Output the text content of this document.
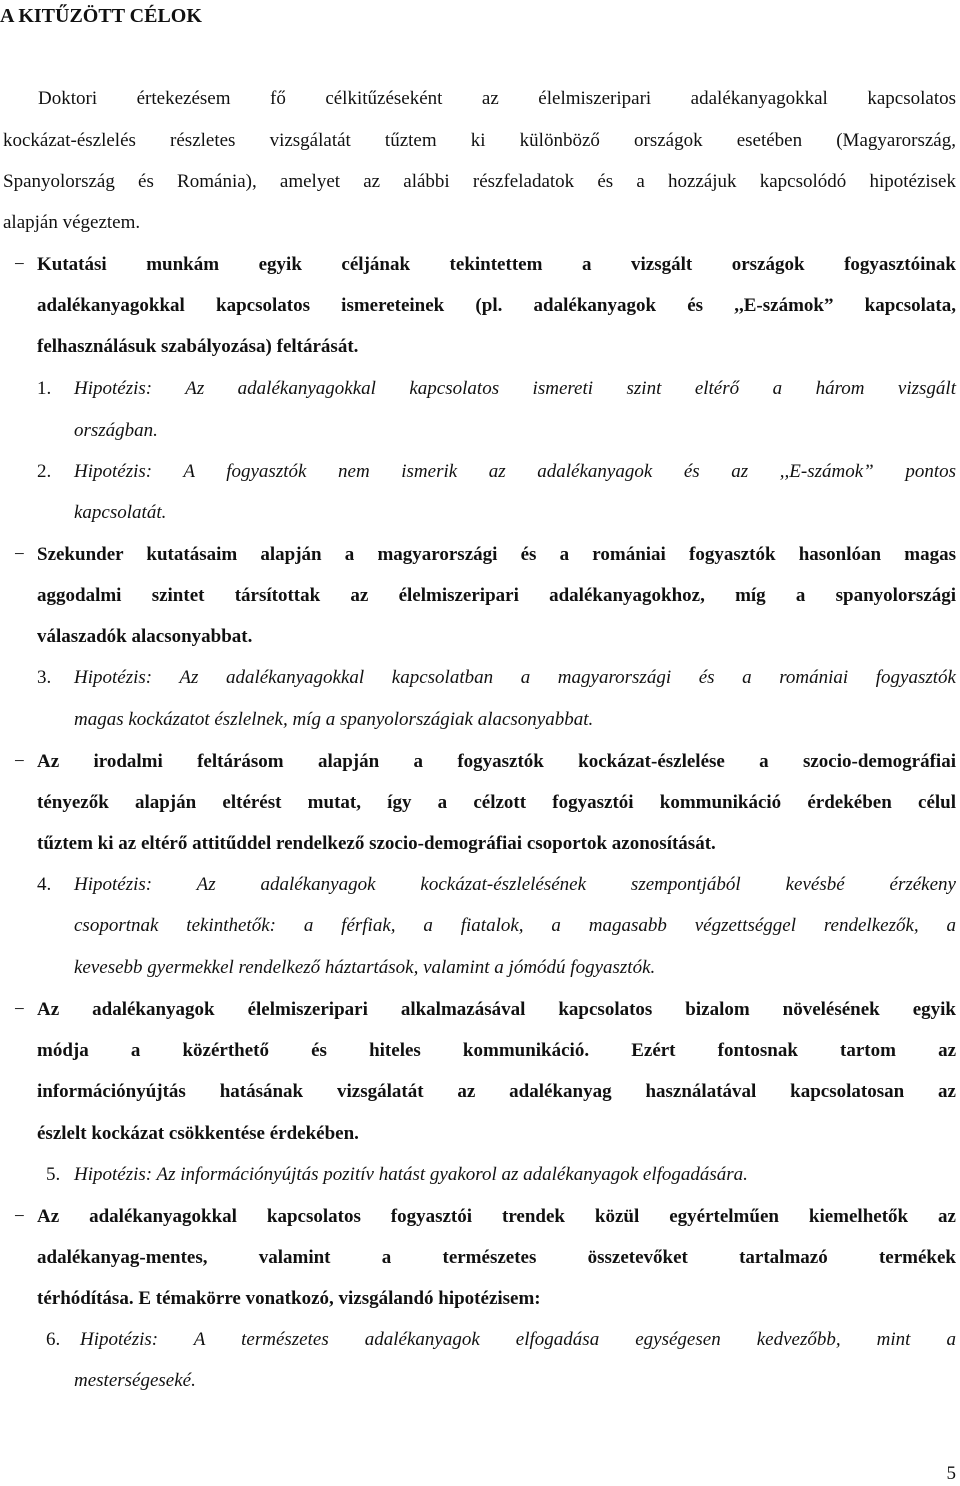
A KITŰZÖTT CÉLOK
Doktori értekezésem fő célkitűzéseként az élelmiszeripari adalékanyagokkal kapcsolatos
kockázat-észlelés részletes vizsgálatát tűztem ki különböző országok esetében (Magyarország,
Spanyolország és Románia), amelyet az alábbi részfeladatok és a hozzájuk kapcsolódó hipotézisek
alapján végeztem.
− Kutatási munkám egyik céljának tekintettem a vizsgált országok fogyasztóinak
adalékanyagokkal kapcsolatos ismereteinek (pl. adalékanyagok és ,,E-számok” kapcsolata,
felhasználásuk szabályozása) feltárását.
1. Hipotézis: Az adalékanyagokkal kapcsolatos ismereti szint eltérő a három vizsgált
országban.
2. Hipotézis: A fogyasztók nem ismerik az adalékanyagok és az ,,E-számok” pontos
kapcsolatát.
− Szekunder kutatásaim alapján a magyarországi és a romániai fogyasztók hasonlóan magas
aggodalmi szintet társítottak az élelmiszeripari adalékanyagokhoz, míg a spanyolországi
válaszadók alacsonyabbat.
3. Hipotézis: Az adalékanyagokkal kapcsolatban a magyarországi és a romániai fogyasztók
magas kockázatot észlelnek, míg a spanyolországiak alacsonyabbat.
− Az irodalmi feltárásom alapján a fogyasztók kockázat-észlelése a szocio-demográfiai
tényezők alapján eltérést mutat, így a célzott fogyasztói kommunikáció érdekében célul
tűztem ki az eltérő attitűddel rendelkező szocio-demográfiai csoportok azonosítását.
4. Hipotézis: Az adalékanyagok kockázat-észlelésének szempontjából kevésbé érzékeny
csoportnak tekinthetők: a férfiak, a fiatalok, a magasabb végzettséggel rendelkezők, a
kevesebb gyermekkel rendelkező háztartások, valamint a jómódú fogyasztók.
− Az adalékanyagok élelmiszeripari alkalmazásával kapcsolatos bizalom növelésének egyik
módja a közérthető és hiteles kommunikáció. Ezért fontosnak tartom az
információnyújtás hatásának vizsgálatát az adalékanyag használatával kapcsolatosan az
észlelt kockázat csökkentése érdekében.
5. Hipotézis: Az információnyújtás pozitív hatást gyakorol az adalékanyagok elfogadására.
− Az adalékanyagokkal kapcsolatos fogyasztói trendek közül egyértelműen kiemelhetők az
adalékanyag-mentes, valamint a természetes összetevőket tartalmazó termékek
térhódítása. E témakörre vonatkozó, vizsgálandó hipotézisem:
6. Hipotézis: A természetes adalékanyagok elfogadása egységesen kedvezőbb, mint a
mesterségeseké.
5
